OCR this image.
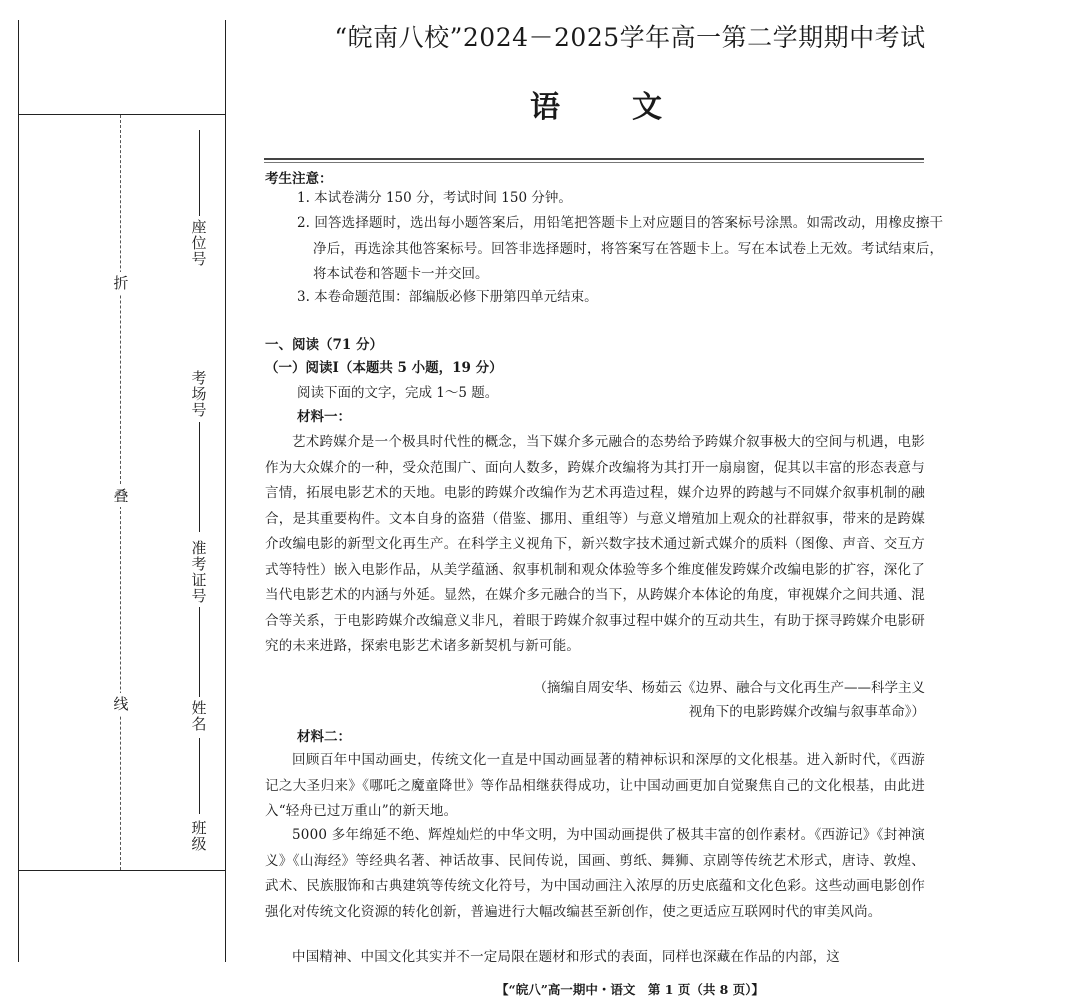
折
叠
线
座位号
考场号
准考证号
姓名
班级
“皖南八校”2024－2025学年高一第二学期期中考试
语 文
考生注意：
1. 本试卷满分 150 分，考试时间 150 分钟。
2. 回答选择题时，选出每小题答案后，用铅笔把答题卡上对应题目的答案标号涂黑。如需改动，用橡皮擦干净后，再选涂其他答案标号。回答非选择题时，将答案写在答题卡上。写在本试卷上无效。考试结束后，将本试卷和答题卡一并交回。
3. 本卷命题范围：部编版必修下册第四单元结束。
一、阅读（71 分）
（一）阅读Ⅰ（本题共 5 小题，19 分）
阅读下面的文字，完成 1～5 题。
材料一：
艺术跨媒介是一个极具时代性的概念，当下媒介多元融合的态势给予跨媒介叙事极大的空间与机遇，电影作为大众媒介的一种，受众范围广、面向人数多，跨媒介改编将为其打开一扇扇窗，促其以丰富的形态表意与言情，拓展电影艺术的天地。电影的跨媒介改编作为艺术再造过程，媒介边界的跨越与不同媒介叙事机制的融合，是其重要构件。文本自身的盗猎（借鉴、挪用、重组等）与意义增殖加上观众的社群叙事，带来的是跨媒介改编电影的新型文化再生产。在科学主义视角下，新兴数字技术通过新式媒介的质料（图像、声音、交互方式等特性）嵌入电影作品，从美学蕴涵、叙事机制和观众体验等多个维度催发跨媒介改编电影的扩容，深化了当代电影艺术的内涵与外延。显然，在媒介多元融合的当下，从跨媒介本体论的角度，审视媒介之间共通、混合等关系，于电影跨媒介改编意义非凡，着眼于跨媒介叙事过程中媒介的互动共生，有助于探寻跨媒介电影研究的未来进路，探索电影艺术诸多新契机与新可能。
（摘编自周安华、杨茹云《边界、融合与文化再生产——科学主义
视角下的电影跨媒介改编与叙事革命》）
材料二：
回顾百年中国动画史，传统文化一直是中国动画显著的精神标识和深厚的文化根基。进入新时代，《西游记之大圣归来》《哪吒之魔童降世》等作品相继获得成功，让中国动画更加自觉聚焦自己的文化根基，由此进入“轻舟已过万重山”的新天地。
5000 多年绵延不绝、辉煌灿烂的中华文明，为中国动画提供了极其丰富的创作素材。《西游记》《封神演义》《山海经》等经典名著、神话故事、民间传说，国画、剪纸、舞狮、京剧等传统艺术形式，唐诗、敦煌、武术、民族服饰和古典建筑等传统文化符号，为中国动画注入浓厚的历史底蕴和文化色彩。这些动画电影创作强化对传统文化资源的转化创新，普遍进行大幅改编甚至新创作，使之更适应互联网时代的审美风尚。
中国精神、中国文化其实并不一定局限在题材和形式的表面，同样也深藏在作品的内部，这
【“皖八”高一期中・语文　第 1 页（共 8 页）】
